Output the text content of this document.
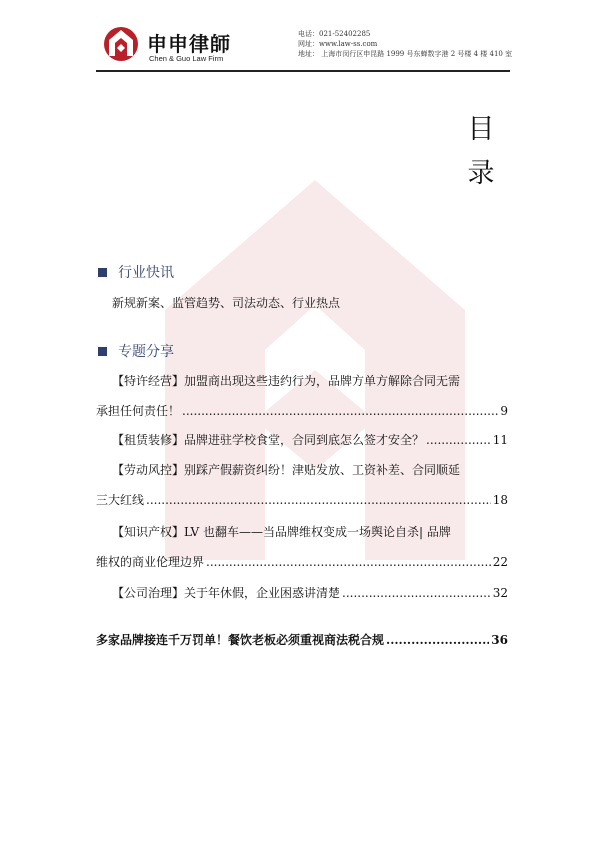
申申律師
Chen & Guo Law Firm
电话：021-52402285
网址：www.law-ss.com
地址： 上海市闵行区申昆路 1999 号东蝉数字港 2 号楼 4 楼 410 室
目
录
行业快讯
新规新案、监管趋势、司法动态、行业热点
专题分享
【特许经营】加盟商出现这些违约行为，品牌方单方解除合同无需
承担任何责任！ .....	9
【租赁装修】品牌进驻学校食堂，合同到底怎么签才安全？ .....	11
【劳动风控】别踩产假薪资纠纷！津贴发放、工资补差、合同顺延
三大红线 .....	18
【知识产权】LV 也翻车——当品牌维权变成一场舆论自杀| 品牌
维权的商业伦理边界 .....	22
【公司治理】关于年休假，企业困惑讲清楚 .....	32
多家品牌接连千万罚单！餐饮老板必须重视商法税合规 .....	36
